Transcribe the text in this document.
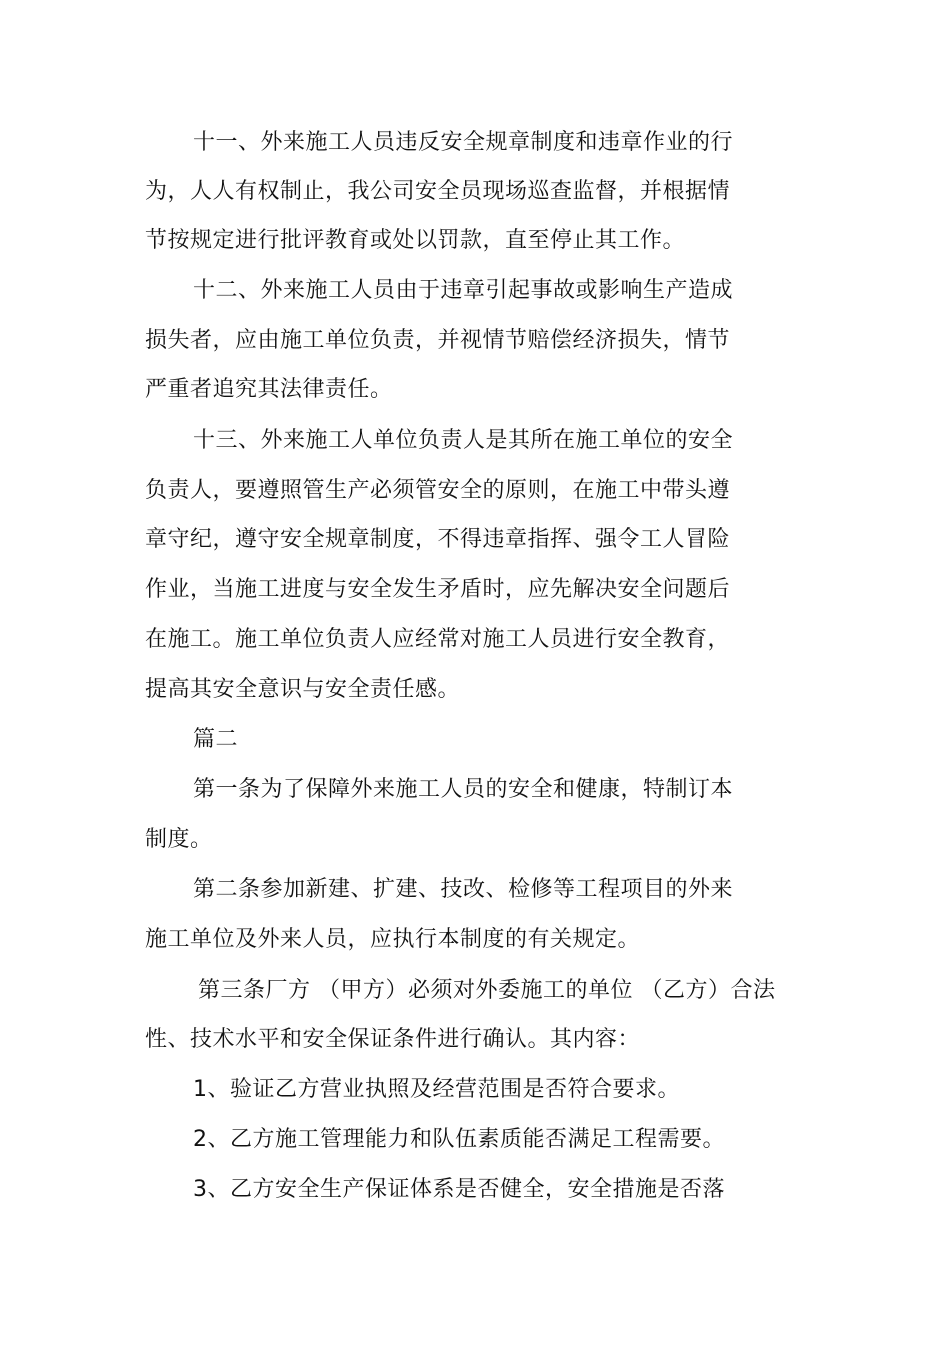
十一、外来施工人员违反安全规章制度和违章作业的行
为，人人有权制止，我公司安全员现场巡查监督，并根据情
节按规定进行批评教育或处以罚款，直至停止其工作。
十二、外来施工人员由于违章引起事故或影响生产造成
损失者，应由施工单位负责，并视情节赔偿经济损失，情节
严重者追究其法律责任。
十三、外来施工人单位负责人是其所在施工单位的安全
负责人，要遵照管生产必须管安全的原则，在施工中带头遵
章守纪，遵守安全规章制度，不得违章指挥、强令工人冒险
作业，当施工进度与安全发生矛盾时，应先解决安全问题后
在施工。施工单位负责人应经常对施工人员进行安全教育，
提高其安全意识与安全责任感。
篇二
第一条为了保障外来施工人员的安全和健康，特制订本
制度。
第二条参加新建、扩建、技改、检修等工程项目的外来
施工单位及外来人员，应执行本制度的有关规定。
第三条厂方 （甲方）必须对外委施工的单位 （乙方）合法
性、技术水平和安全保证条件进行确认。其内容：
1、验证乙方营业执照及经营范围是否符合要求。
2、乙方施工管理能力和队伍素质能否满足工程需要。
3、乙方安全生产保证体系是否健全，安全措施是否落
